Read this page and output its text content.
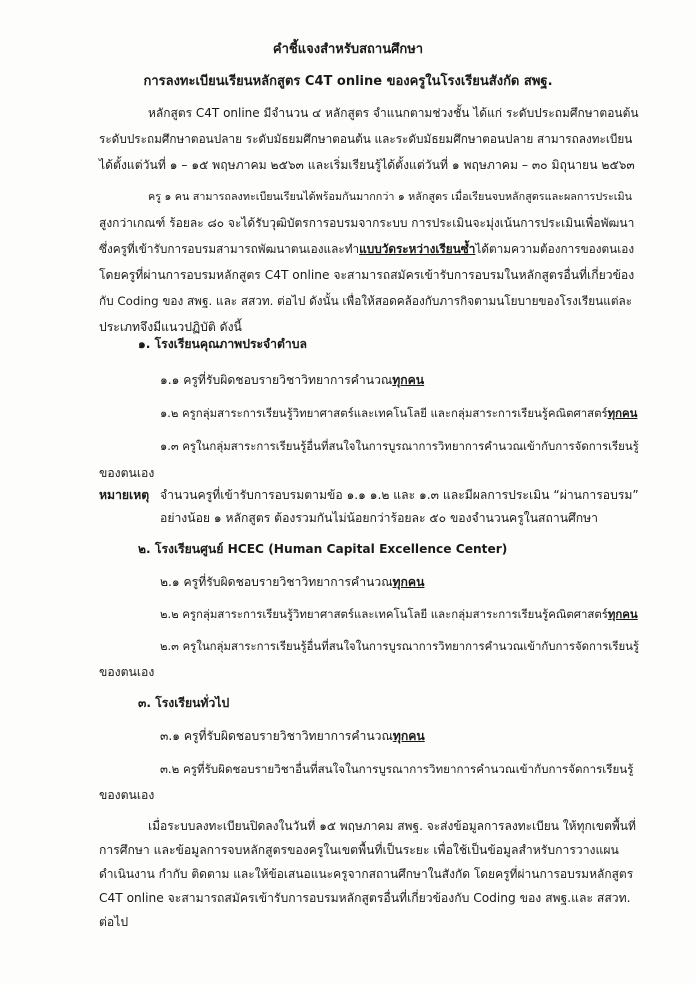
คำชี้แจงสำหรับสถานศึกษา
การลงทะเบียนเรียนหลักสูตร C4T online ของครูในโรงเรียนสังกัด สพฐ.
หลักสูตร C4T online มีจำนวน ๔ หลักสูตร จำแนกตามช่วงชั้น ได้แก่ ระดับประถมศึกษาตอนต้น
ระดับประถมศึกษาตอนปลาย ระดับมัธยมศึกษาตอนต้น และระดับมัธยมศึกษาตอนปลาย สามารถลงทะเบียน
ได้ตั้งแต่วันที่ ๑ – ๑๕ พฤษภาคม ๒๕๖๓ และเริ่มเรียนรู้ได้ตั้งแต่วันที่ ๑ พฤษภาคม – ๓๐ มิถุนายน ๒๕๖๓
ครู ๑ คน สามารถลงทะเบียนเรียนได้พร้อมกันมากกว่า ๑ หลักสูตร เมื่อเรียนจบหลักสูตรและผลการประเมิน
สูงกว่าเกณฑ์ ร้อยละ ๘๐ จะได้รับวุฒิบัตรการอบรมจากระบบ การประเมินจะมุ่งเน้นการประเมินเพื่อพัฒนา
ซึ่งครูที่เข้ารับการอบรมสามารถพัฒนาตนเองและทำแบบวัดระหว่างเรียนซ้ำได้ตามความต้องการของตนเอง
โดยครูที่ผ่านการอบรมหลักสูตร C4T online จะสามารถสมัครเข้ารับการอบรมในหลักสูตรอื่นที่เกี่ยวข้อง
กับ Coding ของ สพฐ. และ สสวท. ต่อไป ดังนั้น เพื่อให้สอดคล้องกับภารกิจตามนโยบายของโรงเรียนแต่ละ
ประเภทจึงมีแนวปฏิบัติ ดังนี้
๑. โรงเรียนคุณภาพประจำตำบล
๑.๑ ครูที่รับผิดชอบรายวิชาวิทยาการคำนวณทุกคน
๑.๒ ครูกลุ่มสาระการเรียนรู้วิทยาศาสตร์และเทคโนโลยี และกลุ่มสาระการเรียนรู้คณิตศาสตร์ทุกคน
๑.๓ ครูในกลุ่มสาระการเรียนรู้อื่นที่สนใจในการบูรณาการวิทยาการคำนวณเข้ากับการจัดการเรียนรู้
ของตนเอง
หมายเหตุ จำนวนครูที่เข้ารับการอบรมตามข้อ ๑.๑ ๑.๒ และ ๑.๓ และมีผลการประเมิน “ผ่านการอบรม”
อย่างน้อย ๑ หลักสูตร ต้องรวมกันไม่น้อยกว่าร้อยละ ๕๐ ของจำนวนครูในสถานศึกษา
๒. โรงเรียนศูนย์ HCEC (Human Capital Excellence Center)
๒.๑ ครูที่รับผิดชอบรายวิชาวิทยาการคำนวณทุกคน
๒.๒ ครูกลุ่มสาระการเรียนรู้วิทยาศาสตร์และเทคโนโลยี และกลุ่มสาระการเรียนรู้คณิตศาสตร์ทุกคน
๒.๓ ครูในกลุ่มสาระการเรียนรู้อื่นที่สนใจในการบูรณาการวิทยาการคำนวณเข้ากับการจัดการเรียนรู้
ของตนเอง
๓. โรงเรียนทั่วไป
๓.๑ ครูที่รับผิดชอบรายวิชาวิทยาการคำนวณทุกคน
๓.๒ ครูที่รับผิดชอบรายวิชาอื่นที่สนใจในการบูรณาการวิทยาการคำนวณเข้ากับการจัดการเรียนรู้
ของตนเอง
เมื่อระบบลงทะเบียนปิดลงในวันที่ ๑๕ พฤษภาคม สพฐ. จะส่งข้อมูลการลงทะเบียน ให้ทุกเขตพื้นที่
การศึกษา และข้อมูลการจบหลักสูตรของครูในเขตพื้นที่เป็นระยะ เพื่อใช้เป็นข้อมูลสำหรับการวางแผน
ดำเนินงาน กำกับ ติดตาม และให้ข้อเสนอแนะครูจากสถานศึกษาในสังกัด โดยครูที่ผ่านการอบรมหลักสูตร
C4T online จะสามารถสมัครเข้ารับการอบรมหลักสูตรอื่นที่เกี่ยวข้องกับ Coding ของ สพฐ.และ สสวท.
ต่อไป
